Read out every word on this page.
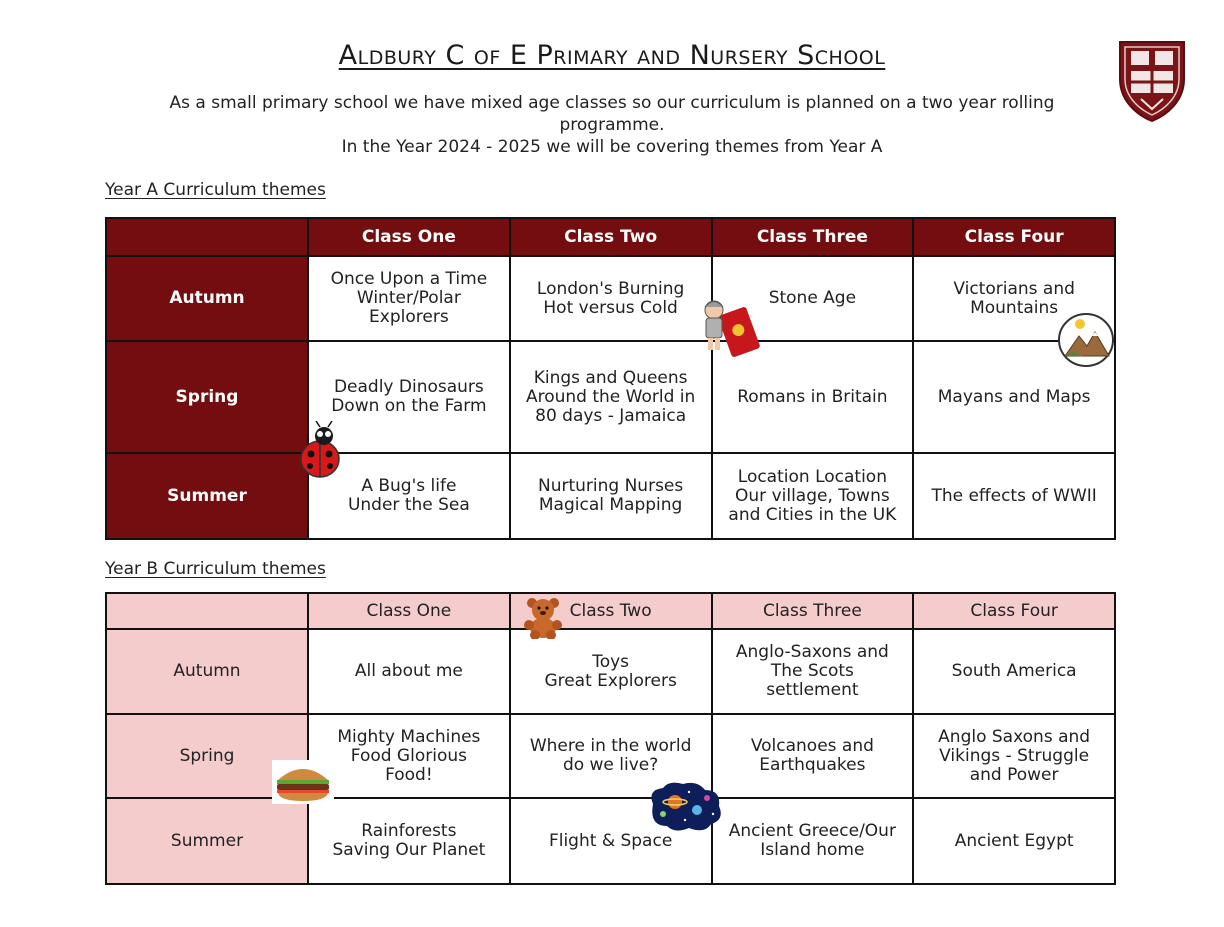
Aldbury C of E Primary and Nursery School
As a small primary school we have mixed age classes so our curriculum is planned on a two year rolling programme.
In the Year 2024 - 2025 we will be covering themes from Year A
Year A Curriculum themes
	Class One	Class Two	Class Three	Class Four
Autumn	Once Upon a Time
Winter/Polar
Explorers	London's Burning
Hot versus Cold	Stone Age	Victorians and
Mountains
Spring	Deadly Dinosaurs
Down on the Farm	Kings and Queens
Around the World in
80 days - Jamaica	Romans in Britain	Mayans and Maps
Summer	A Bug's life
Under the Sea	Nurturing Nurses
Magical Mapping	Location Location
Our village, Towns
and Cities in the UK	The effects of WWII
Year B Curriculum themes
	Class One	Class Two	Class Three	Class Four
Autumn	All about me	Toys
Great Explorers	Anglo-Saxons and
The Scots
settlement	South America
Spring	Mighty Machines
Food Glorious
Food!	Where in the world
do we live?	Volcanoes and
Earthquakes	Anglo Saxons and
Vikings - Struggle
and Power
Summer	Rainforests
Saving Our Planet	Flight & Space	Ancient Greece/Our
Island home	Ancient Egypt
